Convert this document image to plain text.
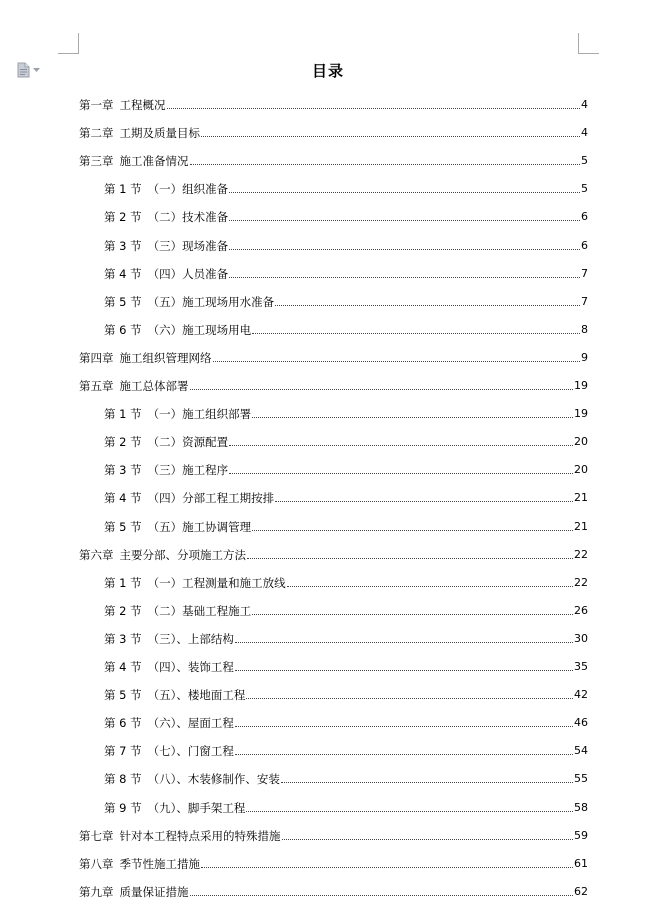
目录
第一章 工程概况	4
第二章 工期及质量目标	4
第三章 施工准备情况	5
第 1 节 （一）组织准备	5
第 2 节 （二）技术准备	6
第 3 节 （三）现场准备	6
第 4 节 （四）人员准备	7
第 5 节 （五）施工现场用水准备	7
第 6 节 （六）施工现场用电	8
第四章 施工组织管理网络	9
第五章 施工总体部署	19
第 1 节 （一）施工组织部署	19
第 2 节 （二）资源配置	20
第 3 节 （三）施工程序	20
第 4 节 （四）分部工程工期按排	21
第 5 节 （五）施工协调管理	21
第六章 主要分部、分项施工方法	22
第 1 节 （一）工程测量和施工放线	22
第 2 节 （二）基础工程施工	26
第 3 节 （三）、上部结构	30
第 4 节 （四）、装饰工程	35
第 5 节 （五）、楼地面工程	42
第 6 节 （六）、屋面工程	46
第 7 节 （七）、门窗工程	54
第 8 节 （八）、木装修制作、安装	55
第 9 节 （九）、脚手架工程	58
第七章 针对本工程特点采用的特殊措施	59
第八章 季节性施工措施	61
第九章 质量保证措施	62
